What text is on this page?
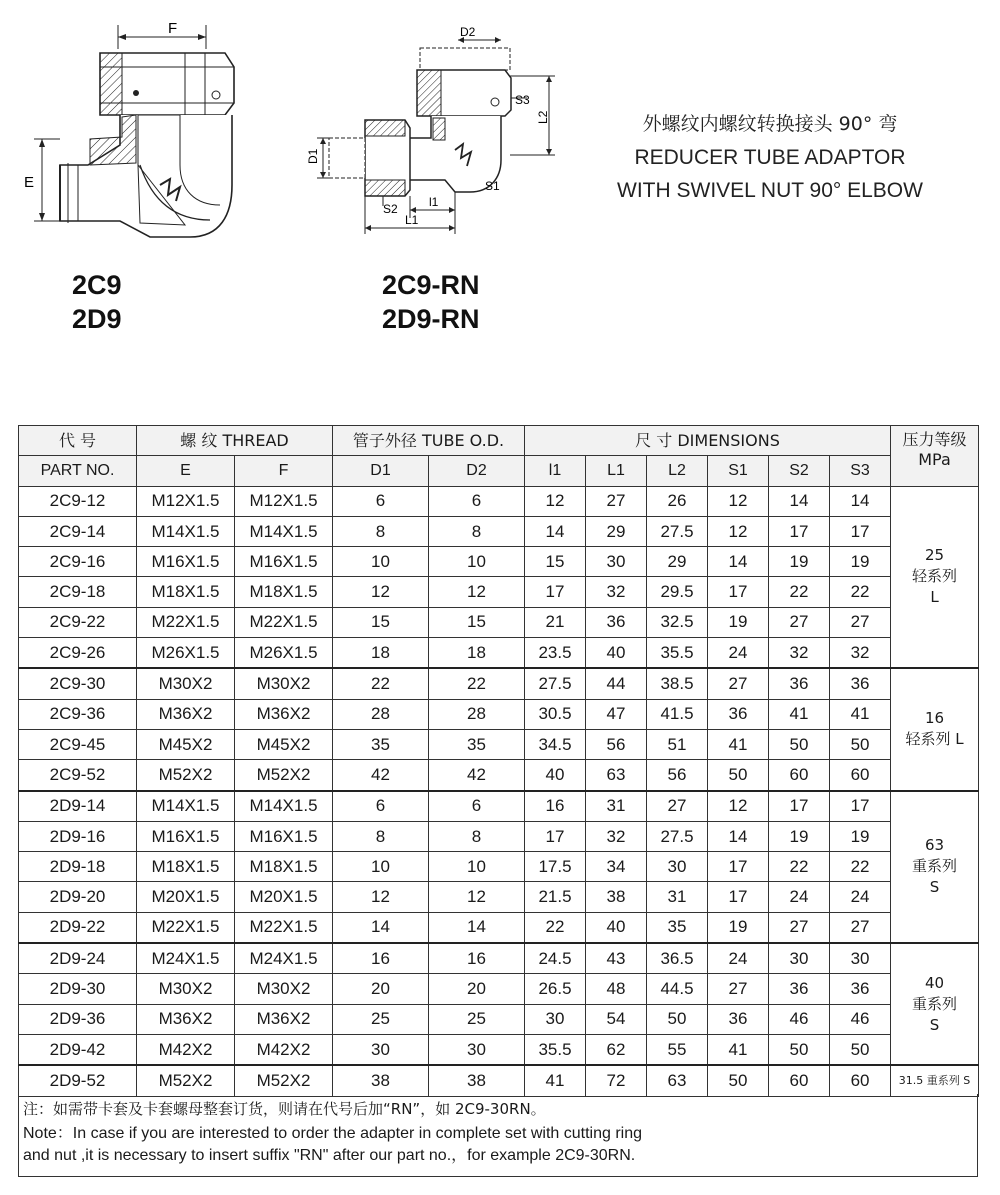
F
E
D2
S3
L2
S1
D1
S2	l1
L1
2C9
2D9
2C9-RN
2D9-RN
外螺纹内螺纹转换接头 90° 弯
REDUCER TUBE ADAPTOR
WITH SWIVEL NUT 90° ELBOW
代 号	螺 纹 THREAD		管子外径 TUBE O.D.		尺 寸 DIMENSIONS						压力等级
MPa

PART NO.	E	F	D1	D2	l1	L1	L2	S1	S2	S3	
2C9-12	M12X1.5	M12X1.5	6	6	12	27	26	12	14	14	25
轻系列
L

2C9-14	M14X1.5	M14X1.5	8	8	14	29	27.5	12	17	17	
2C9-16	M16X1.5	M16X1.5	10	10	15	30	29	14	19	19	
2C9-18	M18X1.5	M18X1.5	12	12	17	32	29.5	17	22	22	
2C9-22	M22X1.5	M22X1.5	15	15	21	36	32.5	19	27	27	
2C9-26	M26X1.5	M26X1.5	18	18	23.5	40	35.5	24	32	32	
2C9-30	M30X2	M30X2	22	22	27.5	44	38.5	27	36	36	16
轻系列 L

2C9-36	M36X2	M36X2	28	28	30.5	47	41.5	36	41	41	
2C9-45	M45X2	M45X2	35	35	34.5	56	51	41	50	50	
2C9-52	M52X2	M52X2	42	42	40	63	56	50	60	60	
2D9-14	M14X1.5	M14X1.5	6	6	16	31	27	12	17	17	63
重系列
S

2D9-16	M16X1.5	M16X1.5	8	8	17	32	27.5	14	19	19	
2D9-18	M18X1.5	M18X1.5	10	10	17.5	34	30	17	22	22	
2D9-20	M20X1.5	M20X1.5	12	12	21.5	38	31	17	24	24	
2D9-22	M22X1.5	M22X1.5	14	14	22	40	35	19	27	27	
2D9-24	M24X1.5	M24X1.5	16	16	24.5	43	36.5	24	30	30	40
重系列
S

2D9-30	M30X2	M30X2	20	20	26.5	48	44.5	27	36	36	
2D9-36	M36X2	M36X2	25	25	30	54	50	36	46	46	
2D9-42	M42X2	M42X2	30	30	35.5	62	55	41	50	50	
2D9-52	M52X2	M52X2	38	38	41	72	63	50	60	60	31.5 重系列 S
注：如需带卡套及卡套螺母整套订货，则请在代号后加“RN”，如 2C9-30RN。
Note：In case if you are interested to order the adapter in complete set with cutting ring
and nut ,it is necessary to insert suffix "RN" after our part no.，for example 2C9-30RN.
